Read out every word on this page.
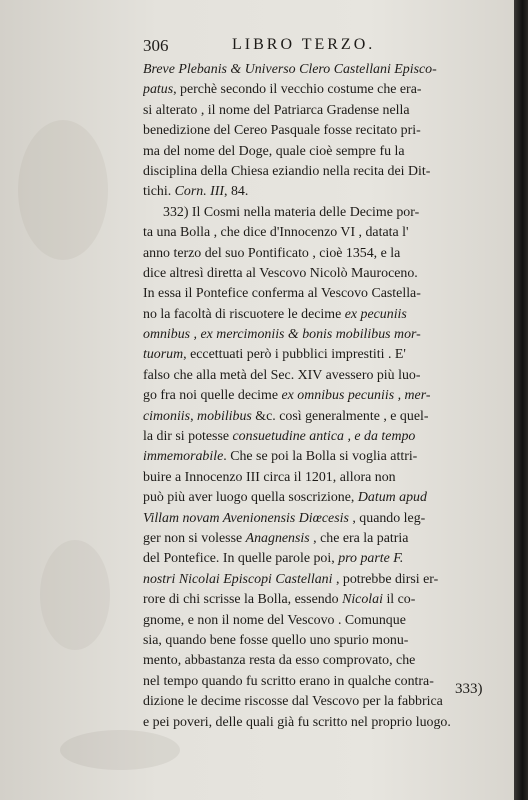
306	LIBRO TERZO.
Breve Plebanis & Universo Clero Castellani Episco-
patus, perchè secondo il vecchio costume che era-
si alterato , il nome del Patriarca Gradense nella
benedizione del Cereo Pasquale fosse recitato pri-
ma del nome del Doge, quale cioè sempre fu la
disciplina della Chiesa eziandio nella recita dei Dit-
tichi. Corn. III, 84.
332) Il Cosmi nella materia delle Decime por-
ta una Bolla , che dice d'Innocenzo VI , datata l'
anno terzo del suo Pontificato , cioè 1354, e la
dice altresì diretta al Vescovo Nicolò Mauroceno.
In essa il Pontefice conferma al Vescovo Castella-
no la facoltà di riscuotere le decime ex pecuniis
omnibus , ex mercimoniis & bonis mobilibus mor-
tuorum, eccettuati però i pubblici imprestiti . E'
falso che alla metà del Sec. XIV avessero più luo-
go fra noi quelle decime ex omnibus pecuniis , mer-
cimoniis, mobilibus &c. così generalmente , e quel-
la dir si potesse consuetudine antica , e da tempo
immemorabile. Che se poi la Bolla si voglia attri-
buire a Innocenzo III circa il 1201, allora non
può più aver luogo quella soscrizione, Datum apud
Villam novam Avenionensis Diœcesis , quando leg-
ger non si volesse Anagnensis , che era la patria
del Pontefice. In quelle parole poi, pro parte F.
nostri Nicolai Episcopi Castellani , potrebbe dirsi er-
rore di chi scrisse la Bolla, essendo Nicolai il co-
gnome, e non il nome del Vescovo . Comunque
sia, quando bene fosse quello uno spurio monu-
mento, abbastanza resta da esso comprovato, che
nel tempo quando fu scritto erano in qualche contra-
dizione le decime riscosse dal Vescovo per la fabbrica
e pei poveri, delle quali già fu scritto nel proprio luogo.
333)
